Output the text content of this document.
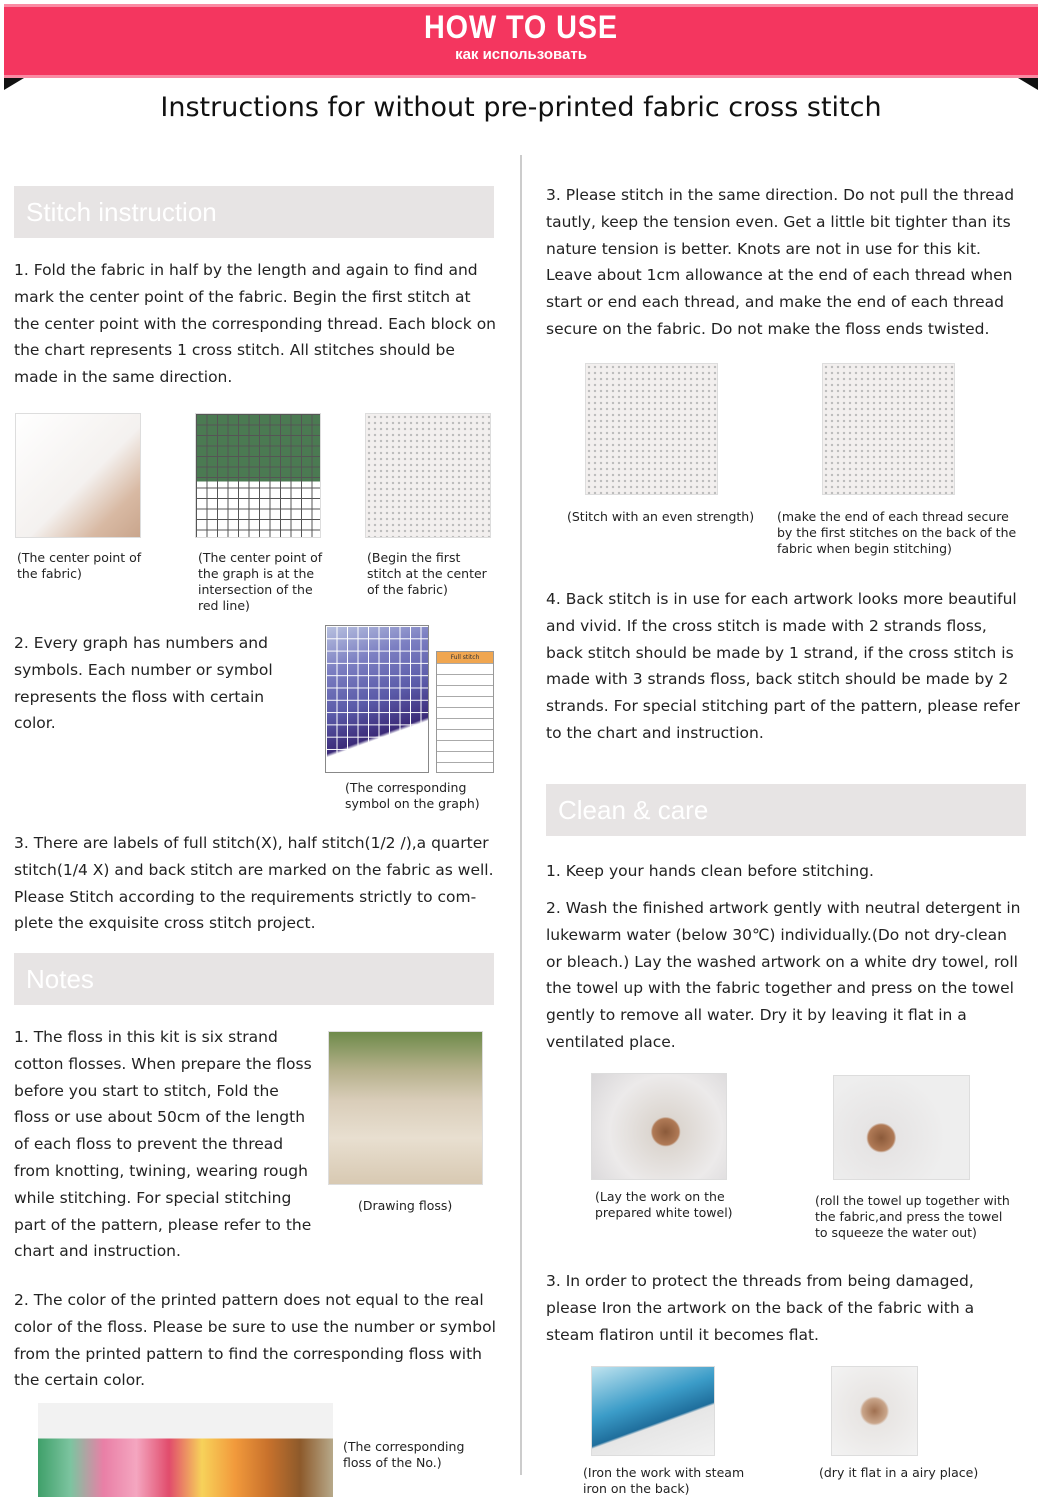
HOW TO USE
как использовать
Instructions for without pre-printed fabric cross stitch
Stitch instruction
1. Fold the fabric in half by the length and again to find and mark the center point of the fabric. Begin the first stitch at the center point with the corresponding thread. Each block on the chart represents 1 cross stitch. All stitches should be made in the same direction.
(The center point of the fabric)
(The center point of the graph is at the intersection of the red line)
(Begin the first stitch at the center of the fabric)
2. Every graph has numbers and symbols. Each number or symbol represents the floss with certain color.
Full stitch
(The corresponding symbol on the graph)
3. There are labels of full stitch(X), half stitch(1/2 /),a quarter stitch(1/4 X) and back stitch are marked on the fabric as well. Please Stitch according to the requirements strictly to com-plete the exquisite cross stitch project.
Notes
1. The floss in this kit is six strand cotton flosses. When prepare the floss before you start to stitch, Fold the floss or use about 50cm of the length of each floss to prevent the thread from knotting, twining, wearing rough while stitching. For special stitching part of the pattern, please refer to the chart and instruction.
(Drawing floss)
2. The color of the printed pattern does not equal to the real color of the floss. Please be sure to use the number or symbol from the printed pattern to find the corresponding floss with the certain color.
(The corresponding floss of the No.)
3. Please stitch in the same direction. Do not pull the thread tautly, keep the tension even. Get a little bit tighter than its nature tension is better. Knots are not in use for this kit. Leave about 1cm allowance at the end of each thread when start or end each thread, and make the end of each thread secure on the fabric. Do not make the floss ends twisted.
(Stitch with an even strength) (make the end of each thread secure by the first stitches on the back of the fabric when begin stitching)
4. Back stitch is in use for each artwork looks more beautiful and vivid. If the cross stitch is made with 2 strands floss, back stitch should be made by 1 strand, if the cross stitch is made with 3 strands floss, back stitch should be made by 2 strands. For special stitching part of the pattern, please refer to the chart and instruction.
Clean & care
1. Keep your hands clean before stitching.
2. Wash the finished artwork gently with neutral detergent in lukewarm water (below 30℃) individually.(Do not dry-clean or bleach.) Lay the washed artwork on a white dry towel, roll the towel up with the fabric together and press on the towel gently to remove all water. Dry it by leaving it flat in a ventilated place.
(Lay the work on the prepared white towel)
(roll the towel up together with the fabric,and press the towel to squeeze the water out)
3. In order to protect the threads from being damaged, please Iron the artwork on the back of the fabric with a steam flatiron until it becomes flat.
(Iron the work with steam iron on the back)
(dry it flat in a airy place)
